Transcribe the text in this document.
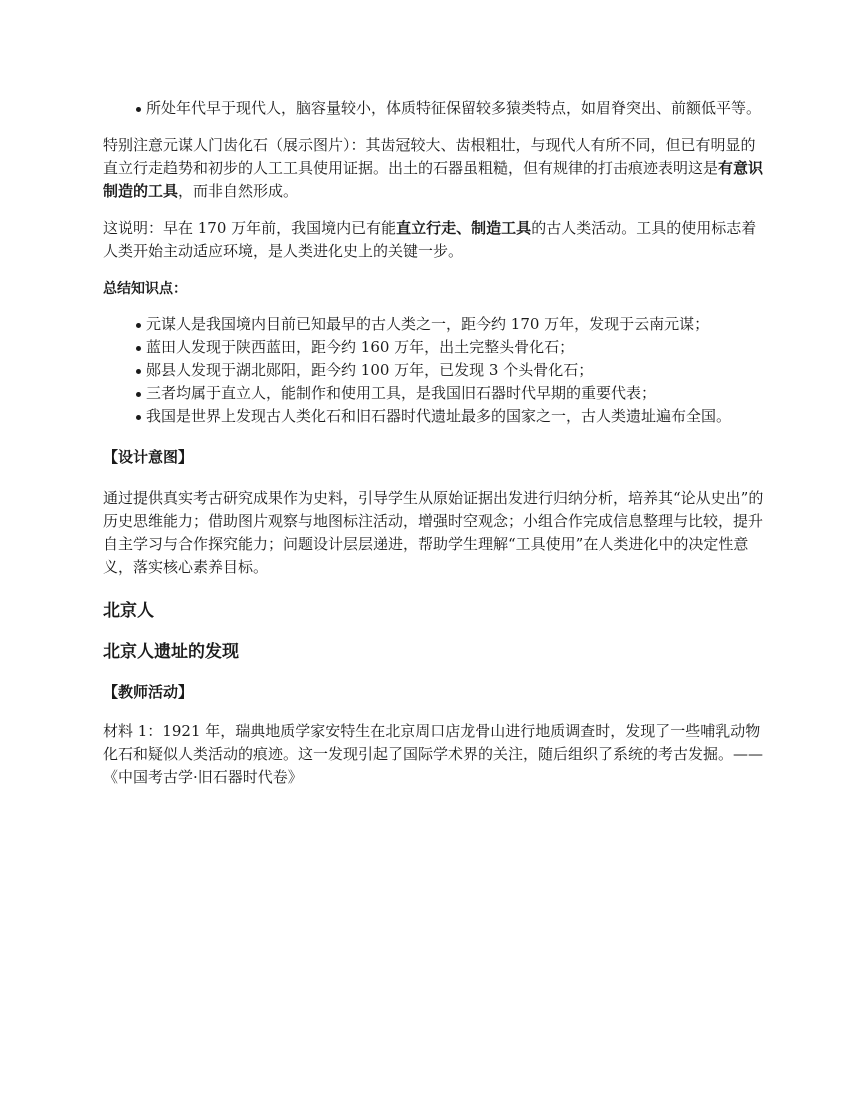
所处年代早于现代人，脑容量较小，体质特征保留较多猿类特点，如眉脊突出、前额低平等。

特别注意元谋人门齿化石（展示图片）：其齿冠较大、齿根粗壮，与现代人有所不同，但已有明显的直立行走趋势和初步的人工工具使用证据。出土的石器虽粗糙，但有规律的打击痕迹表明这是有意识制造的工具，而非自然形成。

这说明：早在 170 万年前，我国境内已有能直立行走、制造工具的古人类活动。工具的使用标志着人类开始主动适应环境，是人类进化史上的关键一步。

总结知识点：

元谋人是我国境内目前已知最早的古人类之一，距今约 170 万年，发现于云南元谋；
蓝田人发现于陕西蓝田，距今约 160 万年，出土完整头骨化石；
郧县人发现于湖北郧阳，距今约 100 万年，已发现 3 个头骨化石；
三者均属于直立人，能制作和使用工具，是我国旧石器时代早期的重要代表；
我国是世界上发现古人类化石和旧石器时代遗址最多的国家之一，古人类遗址遍布全国。

【设计意图】

通过提供真实考古研究成果作为史料，引导学生从原始证据出发进行归纳分析，培养其“论从史出”的历史思维能力；借助图片观察与地图标注活动，增强时空观念；小组合作完成信息整理与比较，提升自主学习与合作探究能力；问题设计层层递进，帮助学生理解“工具使用”在人类进化中的决定性意义，落实核心素养目标。

北京人

北京人遗址的发现

【教师活动】

材料 1：1921 年，瑞典地质学家安特生在北京周口店龙骨山进行地质调查时，发现了一些哺乳动物化石和疑似人类活动的痕迹。这一发现引起了国际学术界的关注，随后组织了系统的考古发掘。——《中国考古学·旧石器时代卷》
